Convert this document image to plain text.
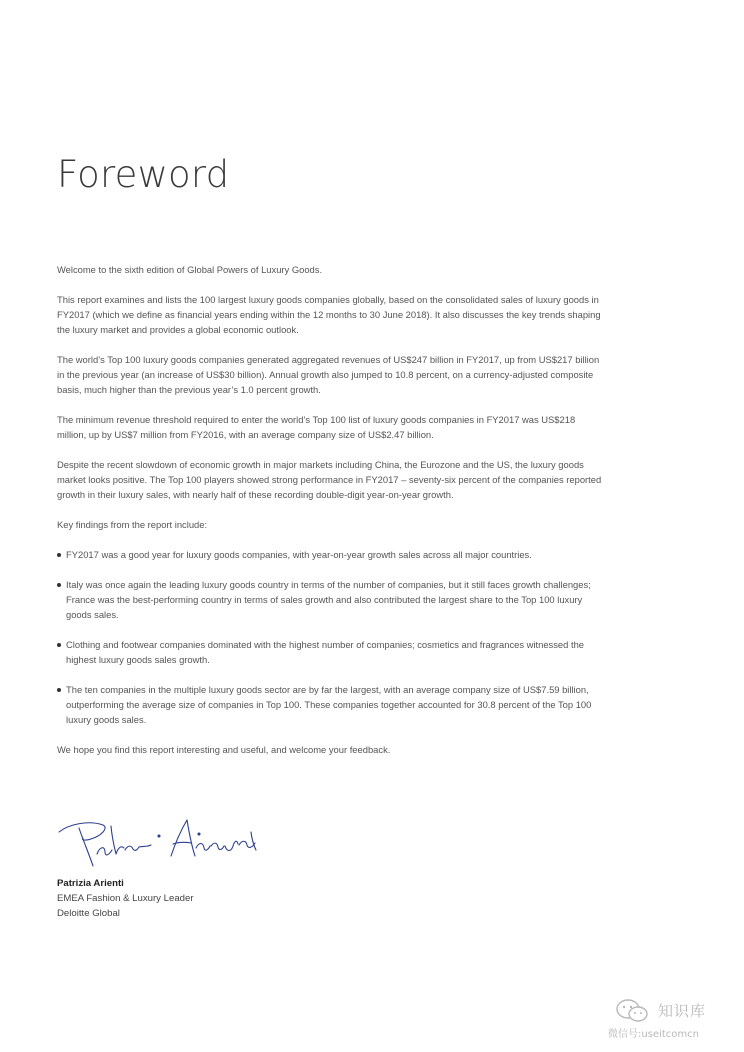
Foreword

Welcome to the sixth edition of Global Powers of Luxury Goods.

This report examines and lists the 100 largest luxury goods companies globally, based on the consolidated sales of luxury goods in FY2017 (which we define as financial years ending within the 12 months to 30 June 2018). It also discusses the key trends shaping the luxury market and provides a global economic outlook.

The world’s Top 100 luxury goods companies generated aggregated revenues of US$247 billion in FY2017, up from US$217 billion in the previous year (an increase of US$30 billion). Annual growth also jumped to 10.8 percent, on a currency-adjusted composite basis, much higher than the previous year’s 1.0 percent growth.

The minimum revenue threshold required to enter the world’s Top 100 list of luxury goods companies in FY2017 was US$218 million, up by US$7 million from FY2016, with an average company size of US$2.47 billion.

Despite the recent slowdown of economic growth in major markets including China, the Eurozone and the US, the luxury goods market looks positive. The Top 100 players showed strong performance in FY2017 – seventy-six percent of the companies reported growth in their luxury sales, with nearly half of these recording double-digit year-on-year growth.

Key findings from the report include:

FY2017 was a good year for luxury goods companies, with year-on-year growth sales across all major countries.
Italy was once again the leading luxury goods country in terms of the number of companies, but it still faces growth challenges; France was the best-performing country in terms of sales growth and also contributed the largest share to the Top 100 luxury goods sales.
Clothing and footwear companies dominated with the highest number of companies; cosmetics and fragrances witnessed the highest luxury goods sales growth.
The ten companies in the multiple luxury goods sector are by far the largest, with an average company size of US$7.59 billion, outperforming the average size of companies in Top 100. These companies together accounted for 30.8 percent of the Top 100 luxury goods sales.

We hope you find this report interesting and useful, and welcome your feedback.

Patrizia Arienti
EMEA Fashion & Luxury Leader
Deloitte Global
知识库
微信号:useitcomcn
